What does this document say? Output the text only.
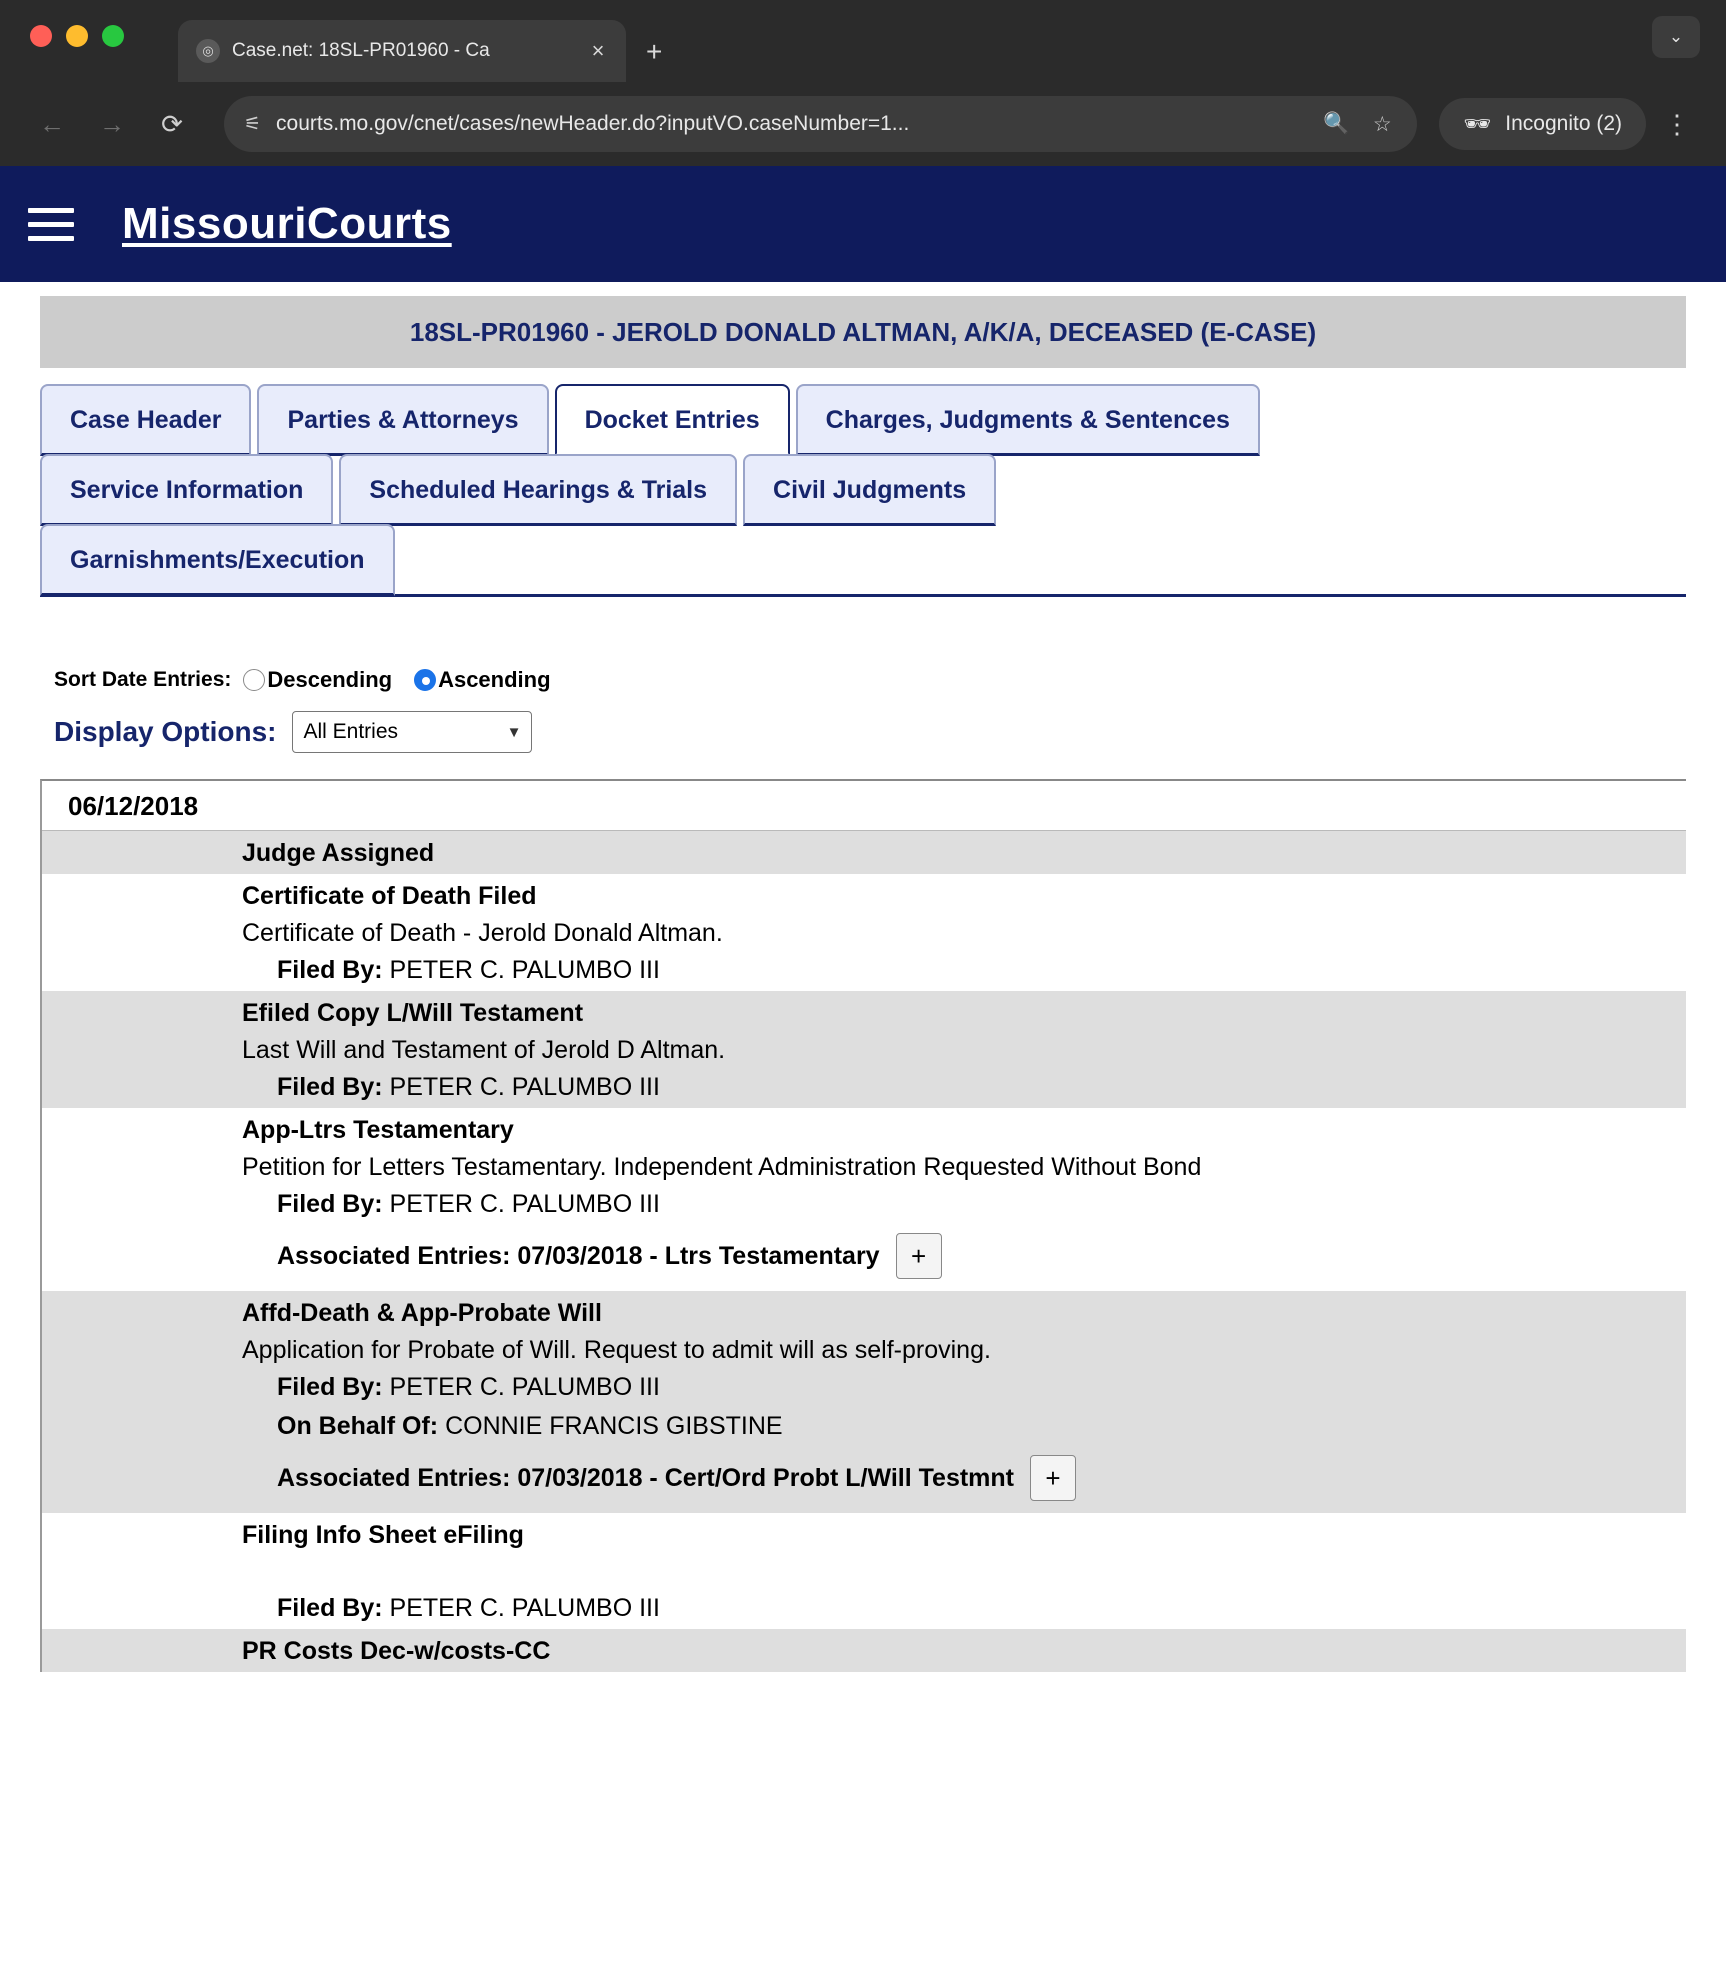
◎ Case.net: 18SL-PR01960 - Ca	× +	⌄
←	→	⟳	⚟ courts.mo.gov/cnet/cases/newHeader.do?inputVO.caseNumber=1...	🔍 ☆	🕶 Incognito (2)	⋮
MissouriCourts
18SL-PR01960 - JEROLD DONALD ALTMAN, A/K/A, DECEASED (E-CASE)
Case Header	Parties & Attorneys	Docket Entries	Charges, Judgments & Sentences
Service Information	Scheduled Hearings & Trials	Civil Judgments
Garnishments/Execution
Sort Date Entries: Descending Ascending
Display Options: All Entries	▼
06/12/2018
Judge Assigned
Certificate of Death Filed
Certificate of Death - Jerold Donald Altman.
Filed By: PETER C. PALUMBO III
Efiled Copy L/Will Testament
Last Will and Testament of Jerold D Altman.
Filed By: PETER C. PALUMBO III
App-Ltrs Testamentary
Petition for Letters Testamentary. Independent Administration Requested Without Bond
Filed By: PETER C. PALUMBO III
Associated Entries: 07/03/2018 - Ltrs Testamentary	+
Affd-Death & App-Probate Will
Application for Probate of Will. Request to admit will as self-proving.
Filed By: PETER C. PALUMBO III
On Behalf Of: CONNIE FRANCIS GIBSTINE
Associated Entries: 07/03/2018 - Cert/Ord Probt L/Will Testmnt	+
Filing Info Sheet eFiling
Filed By: PETER C. PALUMBO III
PR Costs Dec-w/costs-CC
